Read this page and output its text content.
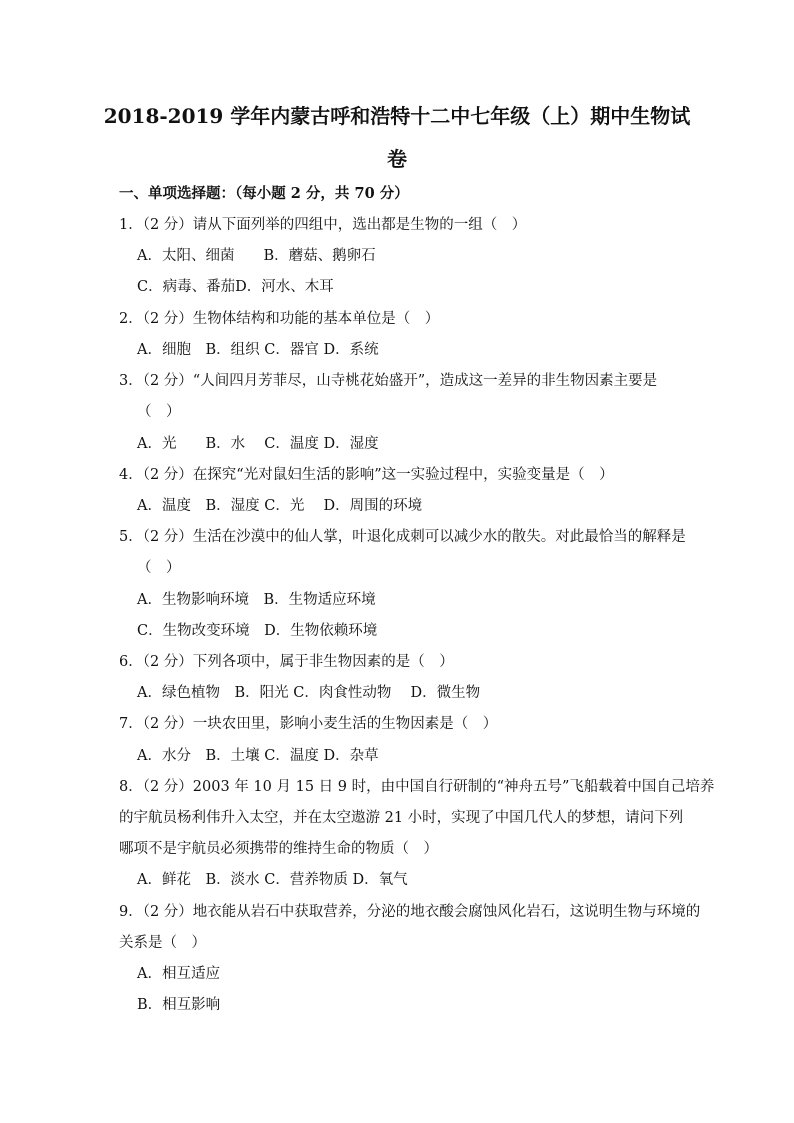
2018-2019 学年内蒙古呼和浩特十二中七年级（上）期中生物试
卷
一、单项选择题：（每小题 2 分，共 70 分）
1．（2 分）请从下面列举的四组中，选出都是生物的一组（　）
A．太阳、细菌　　B．蘑菇、鹅卵石
C．病毒、番茄D．河水、木耳
2．（2 分）生物体结构和功能的基本单位是（　）
A．细胞　B．组织 C．器官 D．系统
3．（2 分）“人间四月芳菲尽，山寺桃花始盛开”，造成这一差异的非生物因素主要是
（　）
A．光　　B．水　 C．温度 D．湿度
4．（2 分）在探究“光对鼠妇生活的影响”这一实验过程中，实验变量是（　）
A．温度　B．湿度 C．光　 D．周围的环境
5．（2 分）生活在沙漠中的仙人掌，叶退化成刺可以减少水的散失。对此最恰当的解释是
（　）
A．生物影响环境　B．生物适应环境
C．生物改变环境　D．生物依赖环境
6．（2 分）下列各项中，属于非生物因素的是（　）
A．绿色植物　B．阳光 C．肉食性动物　 D．微生物
7．（2 分）一块农田里，影响小麦生活的生物因素是（　）
A．水分　B．土壤 C．温度 D．杂草
8．（2 分）2003 年 10 月 15 日 9 时，由中国自行研制的“神舟五号”飞船载着中国自己培养
的宇航员杨利伟升入太空，并在太空遨游 21 小时，实现了中国几代人的梦想，请问下列
哪项不是宇航员必须携带的维持生命的物质（　）
A．鲜花　B．淡水 C．营养物质 D．氧气
9．（2 分）地衣能从岩石中获取营养，分泌的地衣酸会腐蚀风化岩石，这说明生物与环境的
关系是（　）
A．相互适应
B．相互影响
